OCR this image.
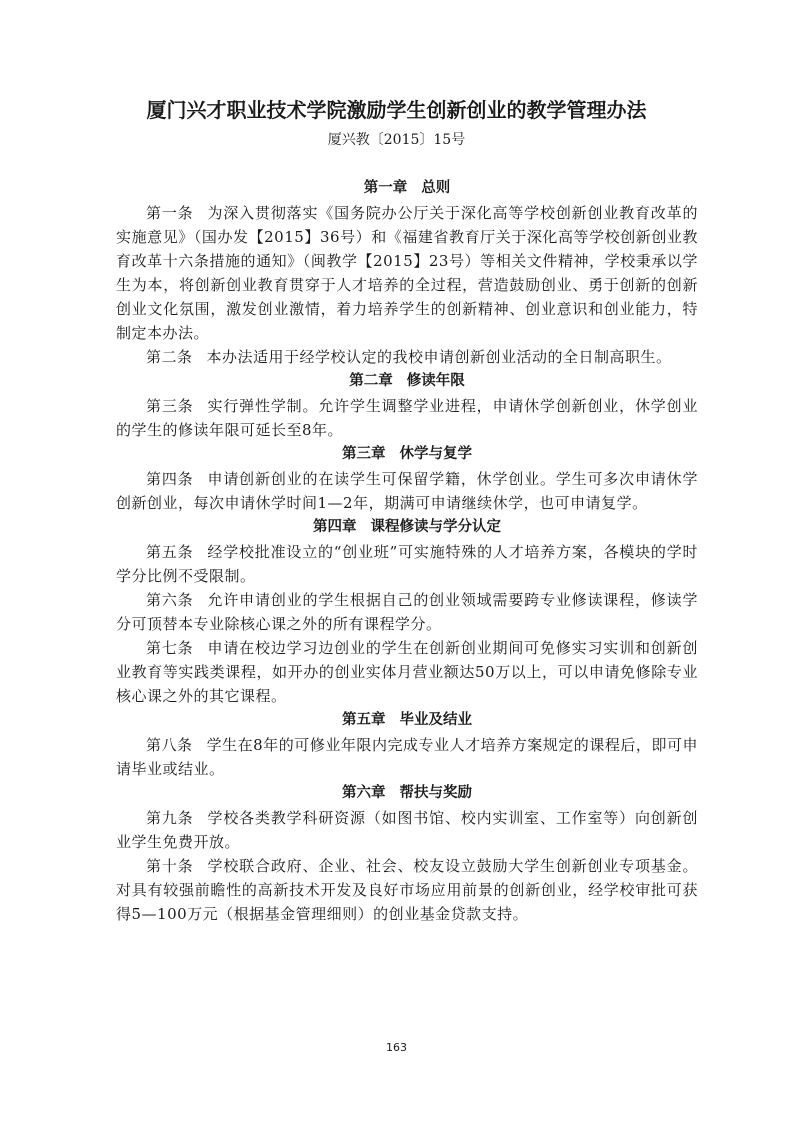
厦门兴才职业技术学院激励学生创新创业的教学管理办法
厦兴教〔2015〕15号
第一章 总则

第一条 为深入贯彻落实《国务院办公厅关于深化高等学校创新创业教育改革的实施意见》（国办发【2015】36号）和《福建省教育厅关于深化高等学校创新创业教育改革十六条措施的通知》（闽教学【2015】23号）等相关文件精神，学校秉承以学生为本，将创新创业教育贯穿于人才培养的全过程，营造鼓励创业、勇于创新的创新创业文化氛围，激发创业激情，着力培养学生的创新精神、创业意识和创业能力，特制定本办法。

第二条 本办法适用于经学校认定的我校申请创新创业活动的全日制高职生。

第二章 修读年限

第三条 实行弹性学制。允许学生调整学业进程，申请休学创新创业，休学创业的学生的修读年限可延长至8年。

第三章 休学与复学

第四条 申请创新创业的在读学生可保留学籍，休学创业。学生可多次申请休学创新创业，每次申请休学时间1—2年，期满可申请继续休学，也可申请复学。

第四章 课程修读与学分认定

第五条 经学校批准设立的“创业班”可实施特殊的人才培养方案，各模块的学时学分比例不受限制。

第六条 允许申请创业的学生根据自己的创业领域需要跨专业修读课程，修读学分可顶替本专业除核心课之外的所有课程学分。

第七条 申请在校边学习边创业的学生在创新创业期间可免修实习实训和创新创业教育等实践类课程，如开办的创业实体月营业额达50万以上，可以申请免修除专业核心课之外的其它课程。

第五章 毕业及结业

第八条 学生在8年的可修业年限内完成专业人才培养方案规定的课程后，即可申请毕业或结业。

第六章 帮扶与奖励

第九条 学校各类教学科研资源（如图书馆、校内实训室、工作室等）向创新创业学生免费开放。

第十条 学校联合政府、企业、社会、校友设立鼓励大学生创新创业专项基金。对具有较强前瞻性的高新技术开发及良好市场应用前景的创新创业，经学校审批可获得5—100万元（根据基金管理细则）的创业基金贷款支持。

163
